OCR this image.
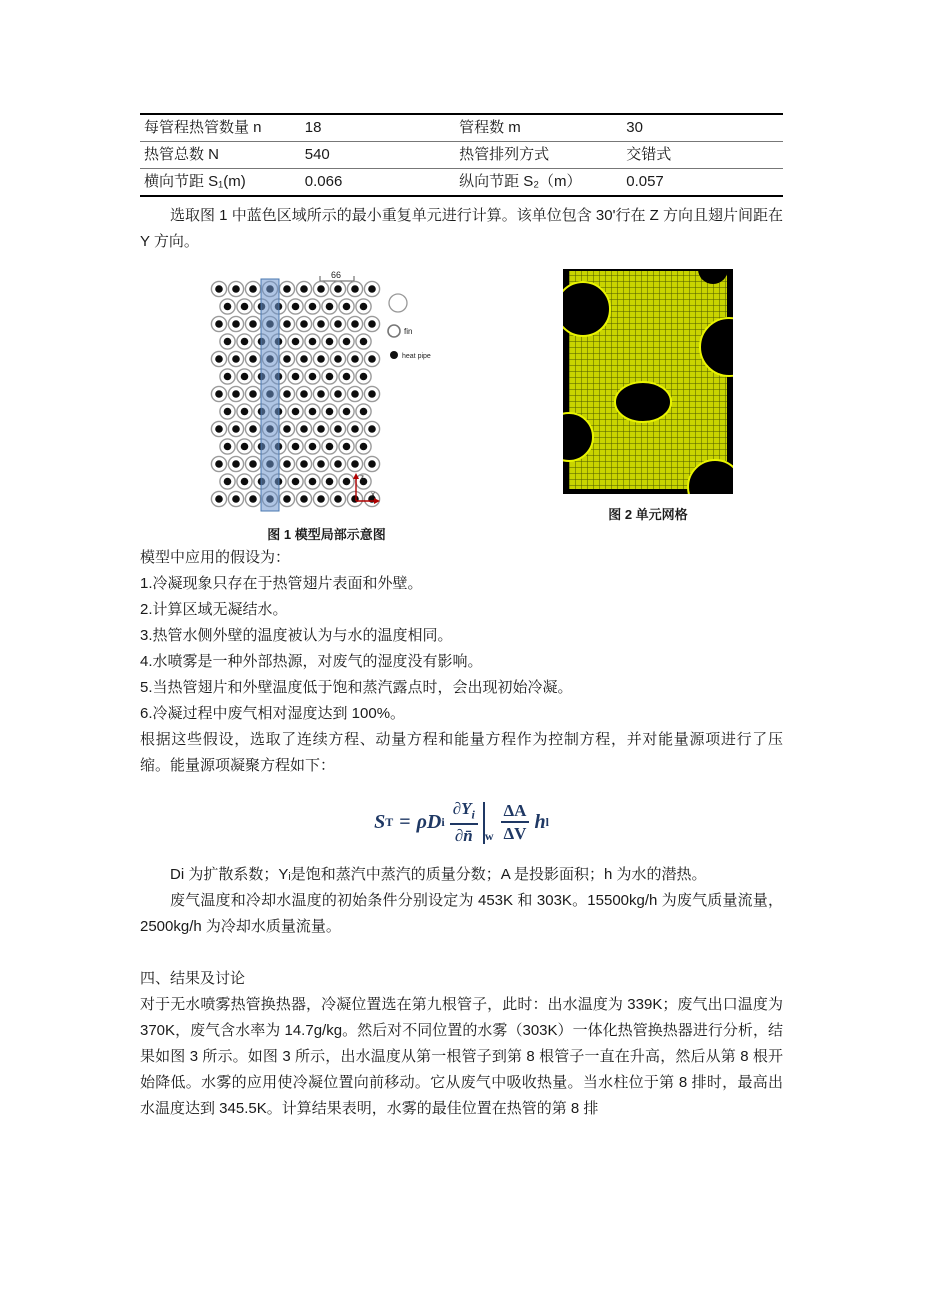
每管程热管数量 n	18	管程数 m	30
热管总数 N	540	热管排列方式	交错式
横向节距 S₁(m)	0.066	纵向节距 S₂（m）	0.057

选取图 1 中蓝色区域所示的最小重复单元进行计算。该单位包含 30'行在 Z 方向且翅片间距在 Y 方向。

66
fin
heat pipe
z
x
图 1 模型局部示意图
图 2 单元网格

模型中应用的假设为：

1.冷凝现象只存在于热管翅片表面和外壁。

2.计算区域无凝结水。

3.热管水侧外壁的温度被认为与水的温度相同。

4.水喷雾是一种外部热源，对废气的湿度没有影响。

5.当热管翅片和外壁温度低于饱和蒸汽露点时，会出现初始冷凝。

6.冷凝过程中废气相对湿度达到 100%。

根据这些假设，选取了连续方程、动量方程和能量方程作为控制方程，并对能量源项进行了压缩。能量源项凝聚方程如下：

S T = ρD i $\frac{\partial Y_i}{\partial n̄} _w \frac{\Delta A}{\Delta V}$ h l

Di 为扩散系数；Yᵢ是饱和蒸汽中蒸汽的质量分数；A 是投影面积；h 为水的潜热。

废气温度和冷却水温度的初始条件分别设定为 453K 和 303K。15500kg/h 为废气质量流量，2500kg/h 为冷却水质量流量。

四、结果及讨论

对于无水喷雾热管换热器，冷凝位置选在第九根管子，此时：出水温度为 339K；废气出口温度为 370K，废气含水率为 14.7g/kg。然后对不同位置的水雾（303K）一体化热管换热器进行分析，结果如图 3 所示。如图 3 所示，出水温度从第一根管子到第 8 根管子一直在升高，然后从第 8 根开始降低。水雾的应用使冷凝位置向前移动。它从废气中吸收热量。当水柱位于第 8 排时，最高出水温度达到 345.5K。计算结果表明，水雾的最佳位置在热管的第 8 排
